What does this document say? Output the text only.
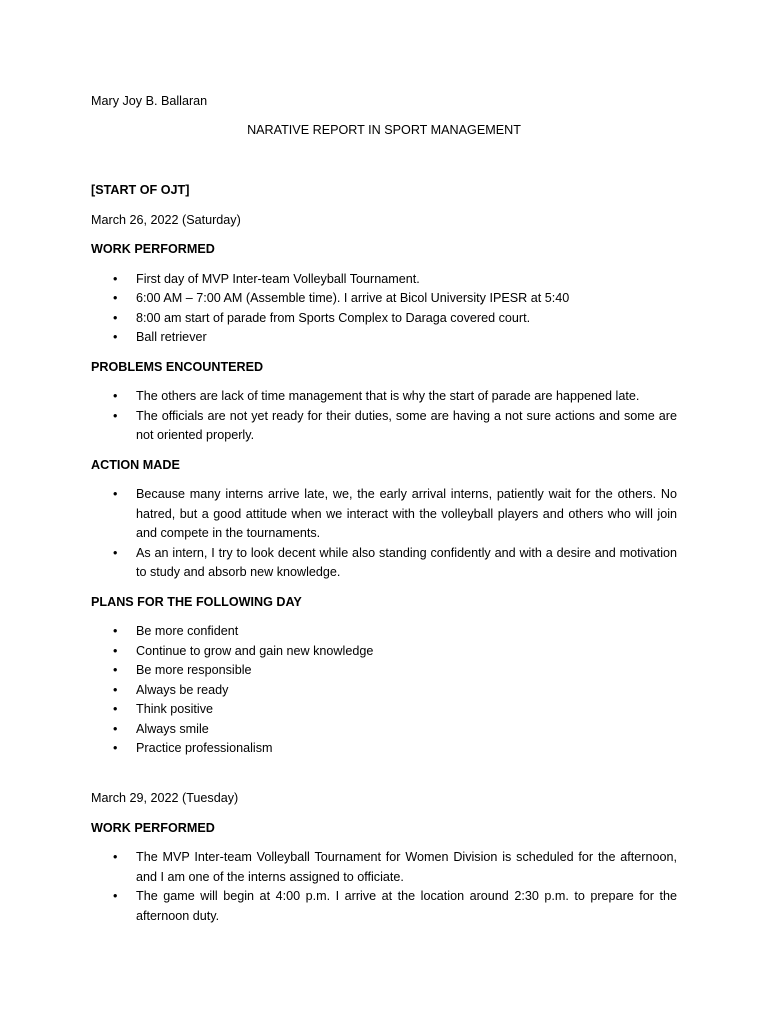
Mary Joy B. Ballaran
NARATIVE REPORT IN SPORT MANAGEMENT

[START OF OJT]

March 26, 2022 (Saturday)

WORK PERFORMED

• First day of MVP Inter-team Volleyball Tournament.
• 6:00 AM – 7:00 AM (Assemble time). I arrive at Bicol University IPESR at 5:40
• 8:00 am start of parade from Sports Complex to Daraga covered court.
• Ball retriever

PROBLEMS ENCOUNTERED

• The others are lack of time management that is why the start of parade are happened late.
• The officials are not yet ready for their duties, some are having a not sure actions and some are not oriented properly.

ACTION MADE

• Because many interns arrive late, we, the early arrival interns, patiently wait for the others. No hatred, but a good attitude when we interact with the volleyball players and others who will join and compete in the tournaments.
• As an intern, I try to look decent while also standing confidently and with a desire and motivation to study and absorb new knowledge.

PLANS FOR THE FOLLOWING DAY

• Be more confident
• Continue to grow and gain new knowledge
• Be more responsible
• Always be ready
• Think positive
• Always smile
• Practice professionalism

March 29, 2022 (Tuesday)

WORK PERFORMED

• The MVP Inter-team Volleyball Tournament for Women Division is scheduled for the afternoon, and I am one of the interns assigned to officiate.
• The game will begin at 4:00 p.m. I arrive at the location around 2:30 p.m. to prepare for the afternoon duty.
